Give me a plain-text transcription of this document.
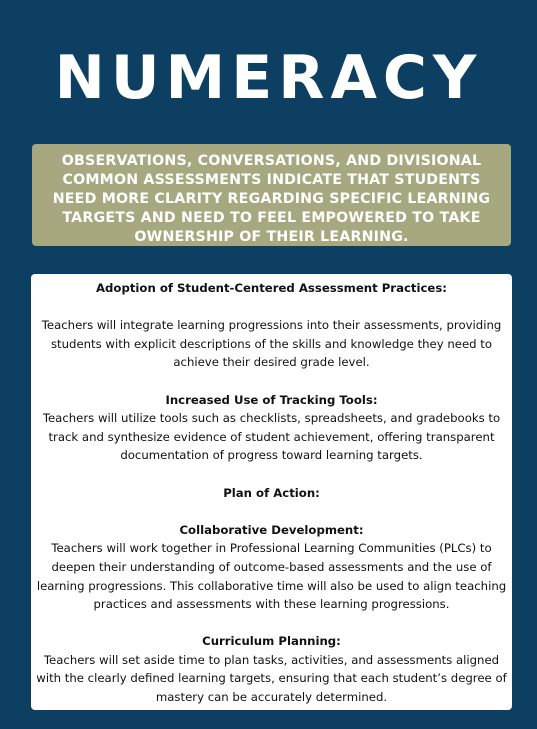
NUMERACY
OBSERVATIONS, CONVERSATIONS, AND DIVISIONAL COMMON ASSESSMENTS INDICATE THAT STUDENTS NEED MORE CLARITY REGARDING SPECIFIC LEARNING TARGETS AND NEED TO FEEL EMPOWERED TO TAKE OWNERSHIP OF THEIR LEARNING.

Adoption of Student-Centered Assessment Practices:

Teachers will integrate learning progressions into their assessments, providing students with explicit descriptions of the skills and knowledge they need to achieve their desired grade level.

Increased Use of Tracking Tools:

Teachers will utilize tools such as checklists, spreadsheets, and gradebooks to track and synthesize evidence of student achievement, offering transparent documentation of progress toward learning targets.

Plan of Action:

Collaborative Development:

Teachers will work together in Professional Learning Communities (PLCs) to deepen their understanding of outcome-based assessments and the use of learning progressions. This collaborative time will also be used to align teaching practices and assessments with these learning progressions.

Curriculum Planning:

Teachers will set aside time to plan tasks, activities, and assessments aligned with the clearly defined learning targets, ensuring that each student’s degree of mastery can be accurately determined.
